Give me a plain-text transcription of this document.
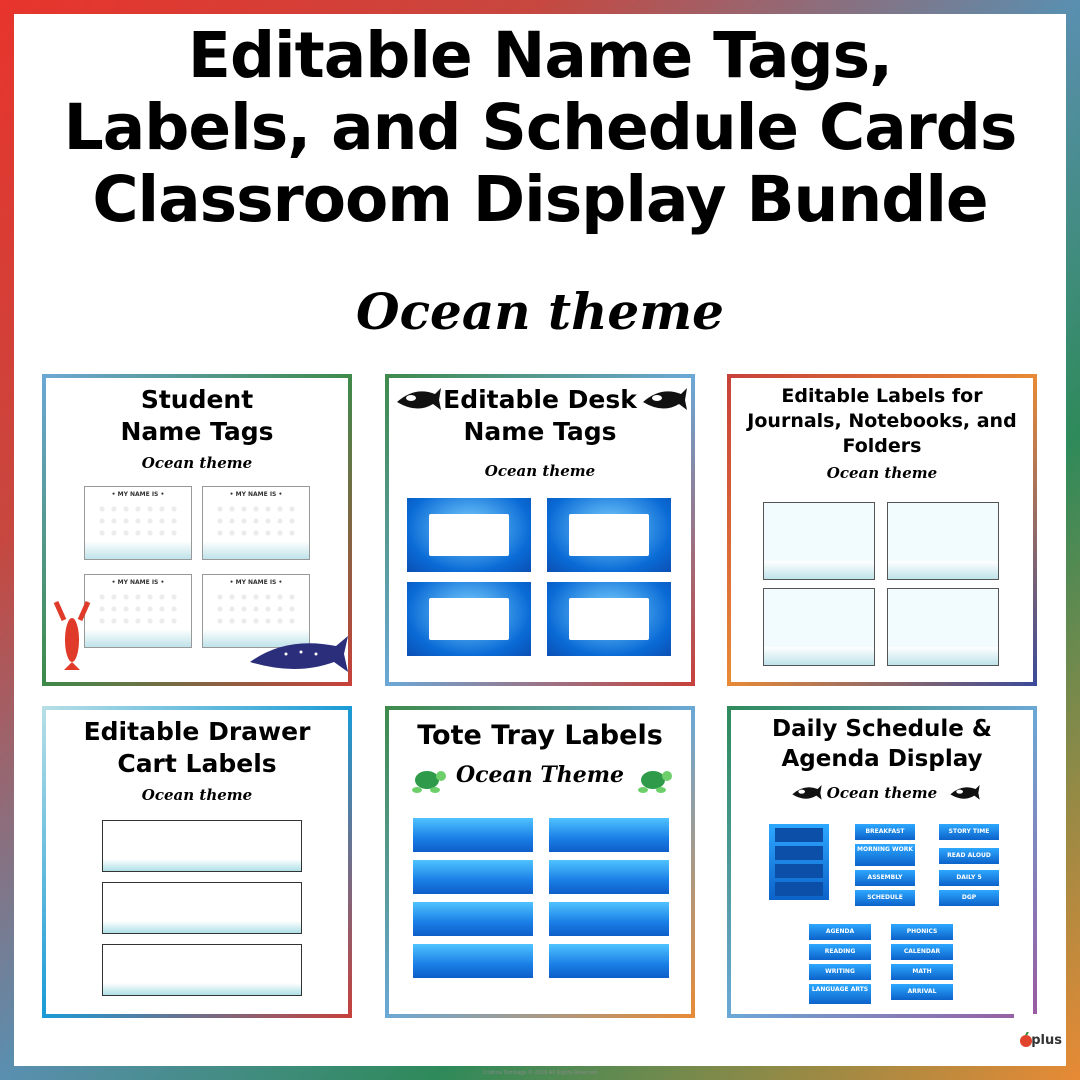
Editable Name Tags,
Labels, and Schedule Cards
Classroom Display Bundle
Ocean theme
Student
Name Tags
Ocean theme
• MY NAME IS •	• MY NAME IS •
• MY NAME IS •	• MY NAME IS •
Editable Desk
Name Tags
Ocean theme
Editable Labels for
Journals, Notebooks, and
Folders
Ocean theme
Editable Drawer
Cart Labels
Ocean theme
Tote Tray Labels
Ocean Theme
Daily Schedule &
Agenda Display
Ocean theme
BREAKFAST
MORNING WORK
ASSEMBLY
SCHEDULE
STORY TIME
READ ALOUD
DAILY 5
DGP
AGENDA
READING
WRITING
LANGUAGE ARTS
PHONICS
CALENDAR
MATH
ARRIVAL
plus
Cristina Turnbage © 2019 All Rights Reserved
